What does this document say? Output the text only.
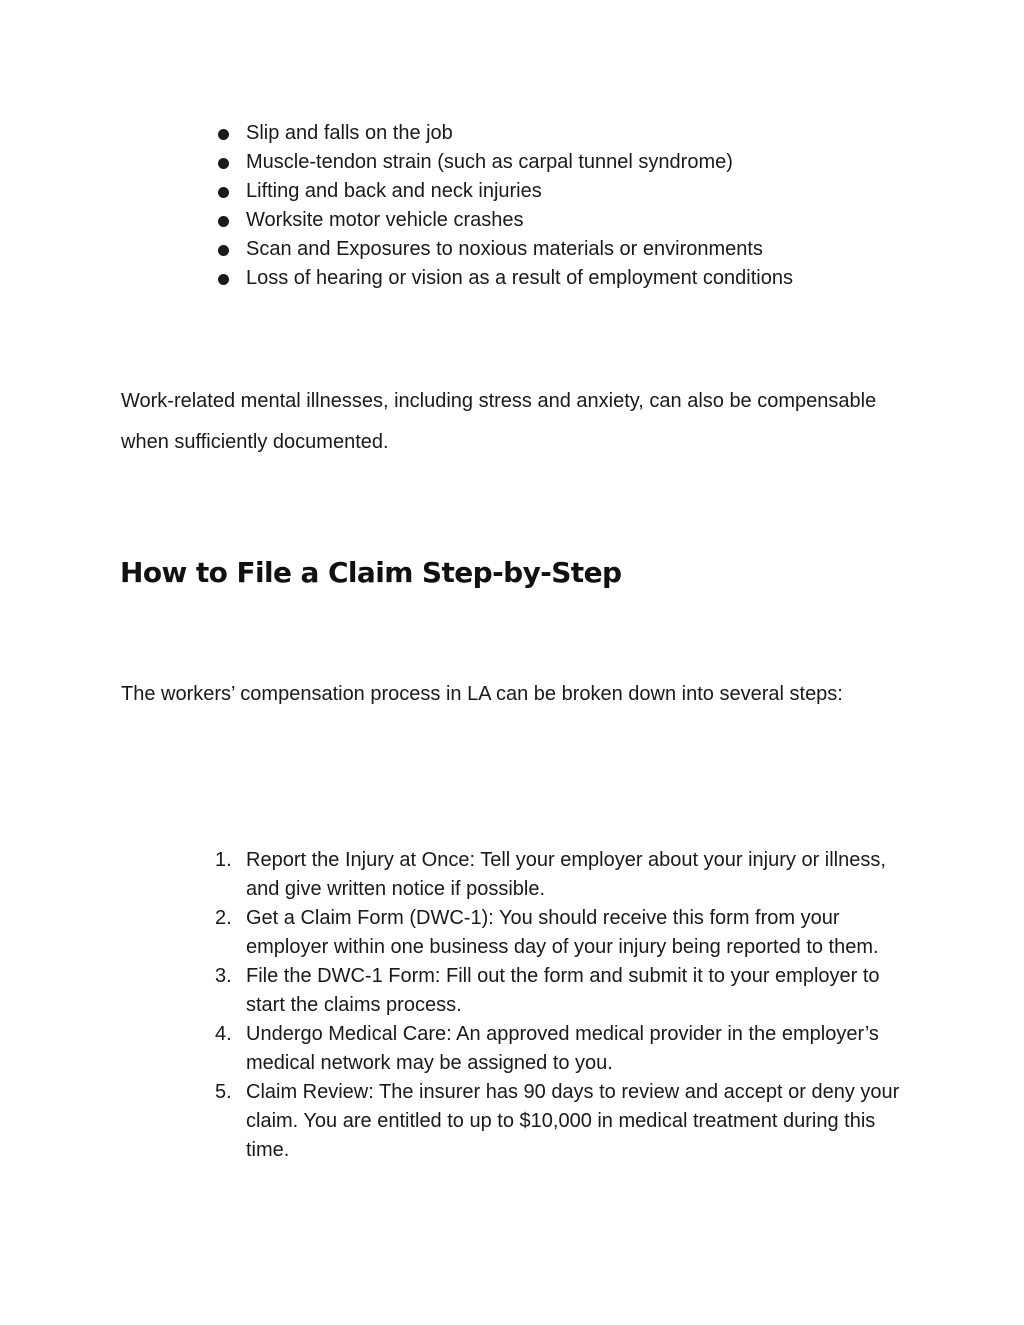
Slip and falls on the job
Muscle-tendon strain (such as carpal tunnel syndrome)
Lifting and back and neck injuries
Worksite motor vehicle crashes
Scan and Exposures to noxious materials or environments
Loss of hearing or vision as a result of employment conditions

Work-related mental illnesses, including stress and anxiety, can also be compensable when sufficiently documented.

How to File a Claim Step-by-Step

The workers’ compensation process in LA can be broken down into several steps:

1. Report the Injury at Once: Tell your employer about your injury or illness, and give written notice if possible.
2. Get a Claim Form (DWC-1): You should receive this form from your employer within one business day of your injury being reported to them.
3. File the DWC-1 Form: Fill out the form and submit it to your employer to start the claims process.
4. Undergo Medical Care: An approved medical provider in the employer’s medical network may be assigned to you.
5. Claim Review: The insurer has 90 days to review and accept or deny your claim. You are entitled to up to $10,000 in medical treatment during this time.
